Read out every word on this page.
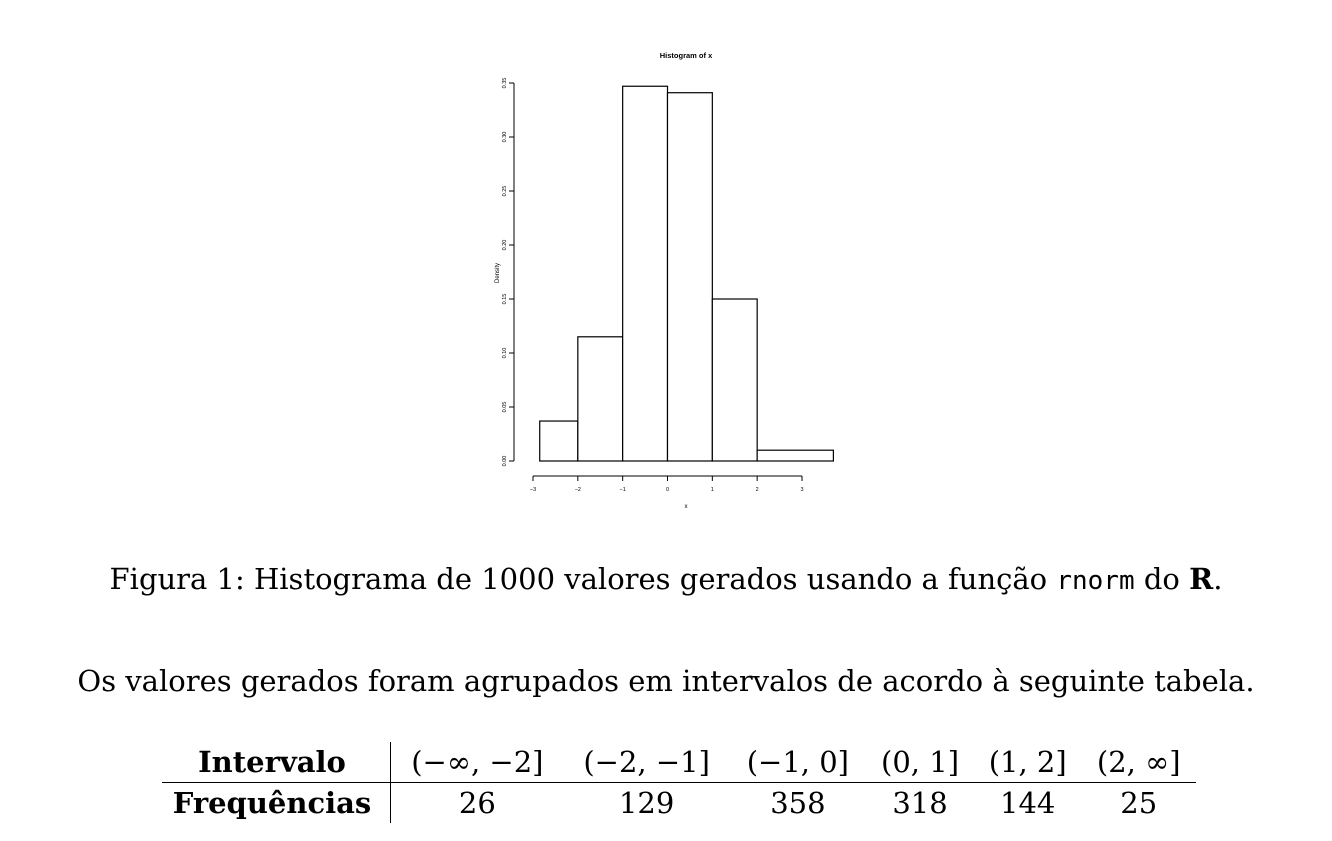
Histogram of x
0.00
0.05
0.10
0.15
0.20
0.25
0.30
0.35
−3	−2	−1	0	1	2	3
Density
x
Figura 1: Histograma de 1000 valores gerados usando a função rnorm do R.
Os valores gerados foram agrupados em intervalos de acordo à seguinte tabela.
Intervalo	(−∞, −2]	(−2, −1]	(−1, 0]	(0, 1]	(1, 2]	(2, ∞]
Frequências	26	129	358	318	144	25
